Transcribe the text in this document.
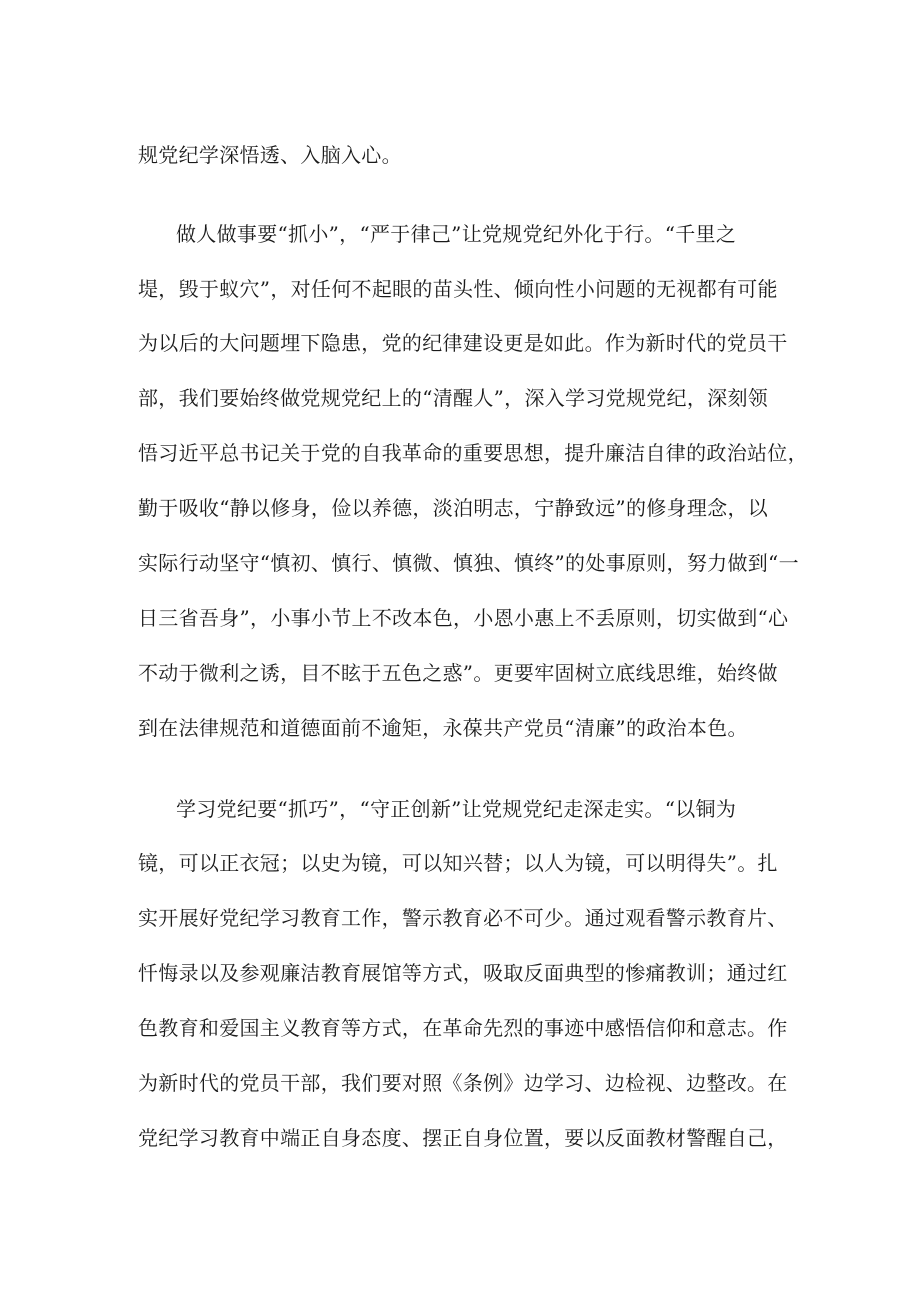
规党纪学深悟透、入脑入心。
做人做事要“抓小”，“严于律己”让党规党纪外化于行。“千里之
堤，毁于蚁穴”，对任何不起眼的苗头性、倾向性小问题的无视都有可能
为以后的大问题埋下隐患，党的纪律建设更是如此。作为新时代的党员干
部，我们要始终做党规党纪上的“清醒人”，深入学习党规党纪，深刻领
悟习近平总书记关于党的自我革命的重要思想，提升廉洁自律的政治站位，
勤于吸收“静以修身，俭以养德，淡泊明志，宁静致远”的修身理念，以
实际行动坚守“慎初、慎行、慎微、慎独、慎终”的处事原则，努力做到“一
日三省吾身”，小事小节上不改本色，小恩小惠上不丢原则，切实做到“心
不动于微利之诱，目不眩于五色之惑”。更要牢固树立底线思维，始终做
到在法律规范和道德面前不逾矩，永葆共产党员“清廉”的政治本色。
学习党纪要“抓巧”，“守正创新”让党规党纪走深走实。“以铜为
镜，可以正衣冠；以史为镜，可以知兴替；以人为镜，可以明得失”。扎
实开展好党纪学习教育工作，警示教育必不可少。通过观看警示教育片、
忏悔录以及参观廉洁教育展馆等方式，吸取反面典型的惨痛教训；通过红
色教育和爱国主义教育等方式，在革命先烈的事迹中感悟信仰和意志。作
为新时代的党员干部，我们要对照《条例》边学习、边检视、边整改。在
党纪学习教育中端正自身态度、摆正自身位置，要以反面教材警醒自己，
